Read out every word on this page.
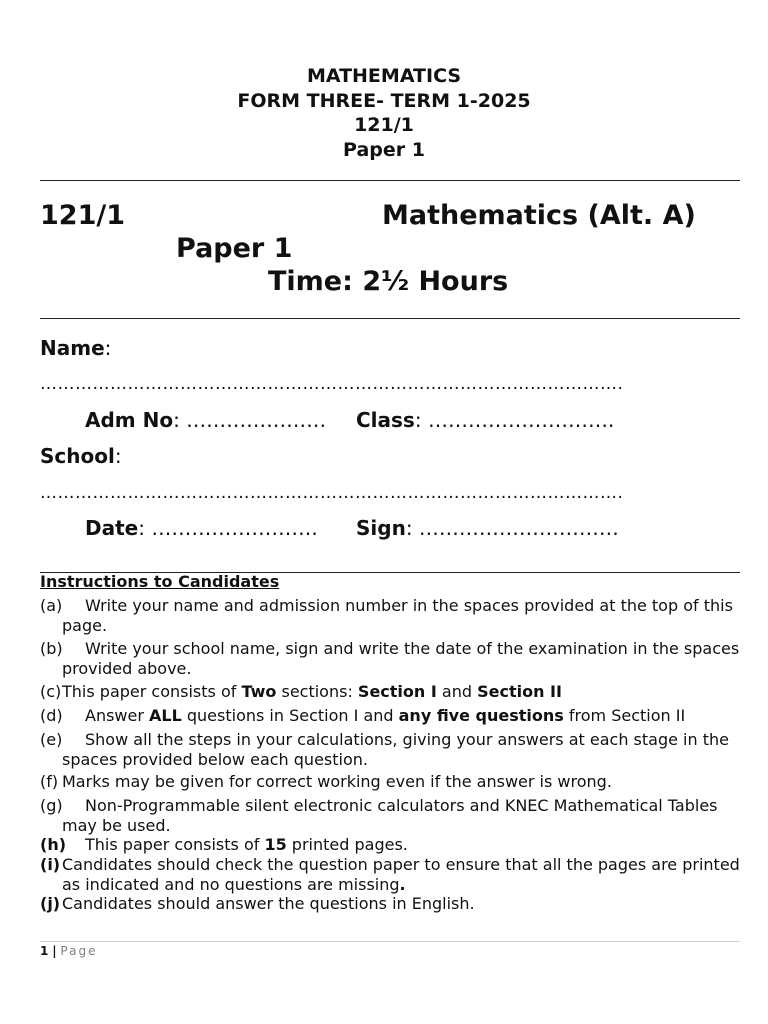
MATHEMATICS
FORM THREE- TERM 1-2025
121/1
Paper 1
121/1	Mathematics (Alt. A)
Paper 1
Time: 2½ Hours
Name:
……………………………………………………………………………………….
Adm No: ………………… Class: ……………………….
School:
……………………………………………………………………………………….
Date: ……………………. Sign: …………………………
Instructions to Candidates
(a)	Write your name and admission number in the spaces provided at the top of this page.
(b)	Write your school name, sign and write the date of the examination in the spaces provided above.
(c) This paper consists of Two sections: Section I and Section II
(d)	Answer ALL questions in Section I and any five questions from Section II
(e)	Show all the steps in your calculations, giving your answers at each stage in the spaces provided below each question.
(f) Marks may be given for correct working even if the answer is wrong.
(g)	Non-Programmable silent electronic calculators and KNEC Mathematical Tables may be used.
(h)	This paper consists of 15 printed pages.
(i) Candidates should check the question paper to ensure that all the pages are printed as indicated and no questions are missing.
(j) Candidates should answer the questions in English.
1 | Page
